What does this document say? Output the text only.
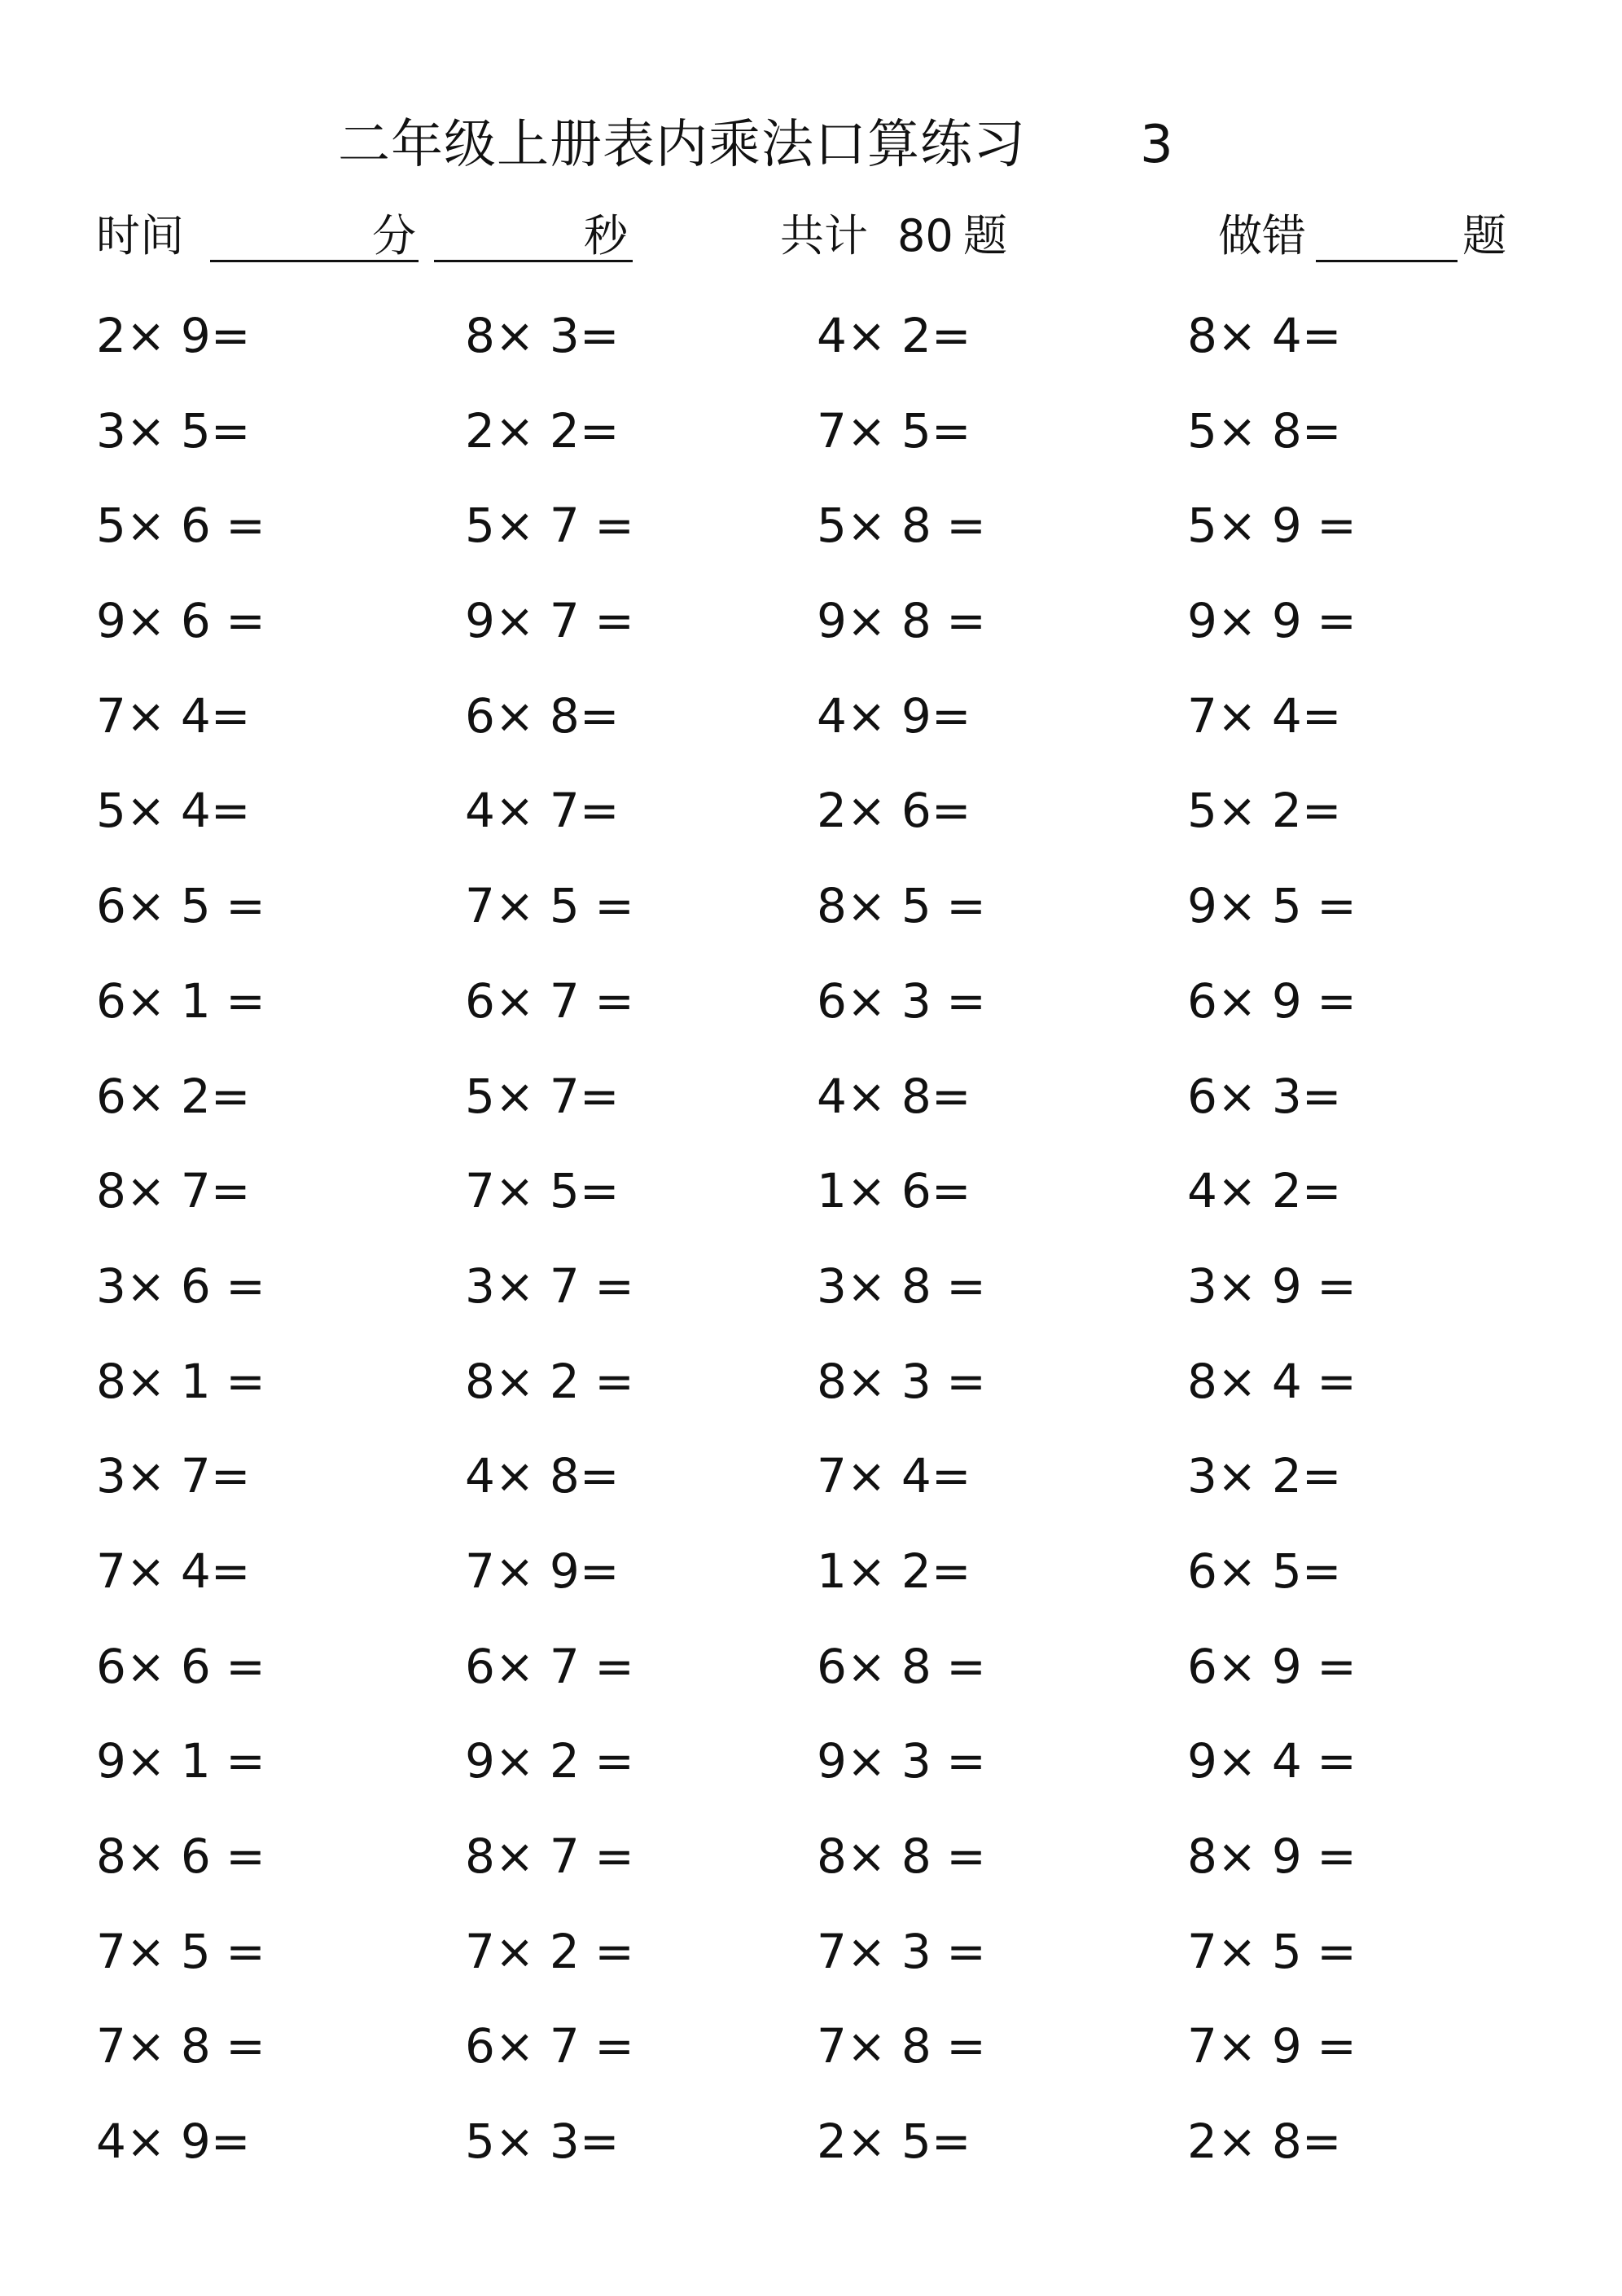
二年级上册表内乘法口算练习 3
时间	分	秒	共计 80 题	做错	题
2× 9=	8× 3=	4× 2=	8× 4=
3× 5=	2× 2=	7× 5=	5× 8=
5× 6 =	5× 7 =	5× 8 =	5× 9 =
9× 6 =	9× 7 =	9× 8 =	9× 9 =
7× 4=	6× 8=	4× 9=	7× 4=
5× 4=	4× 7=	2× 6=	5× 2=
6× 5 =	7× 5 =	8× 5 =	9× 5 =
6× 1 =	6× 7 =	6× 3 =	6× 9 =
6× 2=	5× 7=	4× 8=	6× 3=
8× 7=	7× 5=	1× 6=	4× 2=
3× 6 =	3× 7 =	3× 8 =	3× 9 =
8× 1 =	8× 2 =	8× 3 =	8× 4 =
3× 7=	4× 8=	7× 4=	3× 2=
7× 4=	7× 9=	1× 2=	6× 5=
6× 6 =	6× 7 =	6× 8 =	6× 9 =
9× 1 =	9× 2 =	9× 3 =	9× 4 =
8× 6 =	8× 7 =	8× 8 =	8× 9 =
7× 5 =	7× 2 =	7× 3 =	7× 5 =
7× 8 =	6× 7 =	7× 8 =	7× 9 =
4× 9=	5× 3=	2× 5=	2× 8=
